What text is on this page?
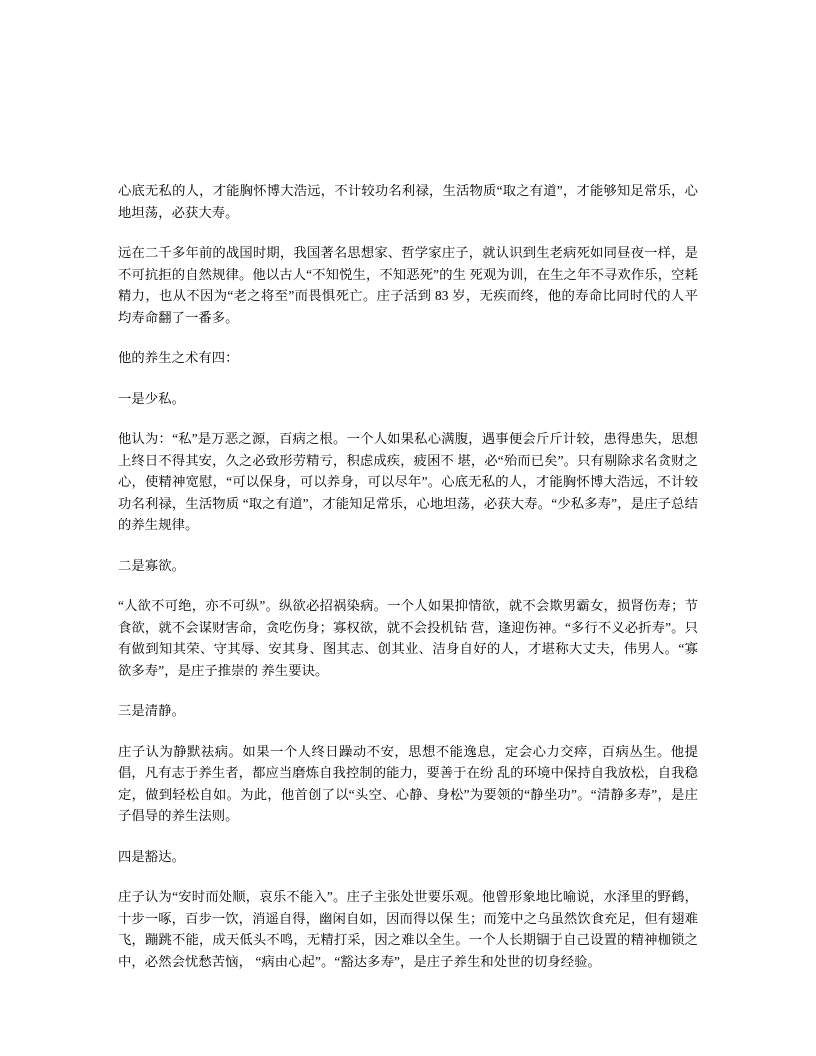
心底无私的人，才能胸怀博大浩远，不计较功名利禄，生活物质“取之有道”，才能够知足常乐，心地坦荡，必获大寿。

远在二千多年前的战国时期，我国著名思想家、哲学家庄子，就认识到生老病死如同昼夜一样，是不可抗拒的自然规律。他以古人“不知悦生，不知恶死”的生 死观为训，在生之年不寻欢作乐，空耗精力，也从不因为“老之将至”而畏惧死亡。庄子活到 83 岁，无疾而终，他的寿命比同时代的人平均寿命翻了一番多。

他的养生之术有四：

一是少私。

他认为：“私”是万恶之源，百病之根。一个人如果私心满腹，遇事便会斤斤计较，患得患失，思想上终日不得其安，久之必致形劳精亏，积虑成疾，疲困不 堪，必“殆而已矣”。只有剔除求名贪财之心，使精神宽慰，“可以保身，可以养身，可以尽年”。心底无私的人，才能胸怀博大浩远，不计较功名利禄，生活物质 “取之有道”，才能知足常乐，心地坦荡，必获大寿。“少私多寿”，是庄子总结的养生规律。

二是寡欲。

“人欲不可绝，亦不可纵”。纵欲必招祸染病。一个人如果抑情欲，就不会欺男霸女，损肾伤寿；节食欲，就不会谋财害命，贪吃伤身；寡权欲，就不会投机钻 营，逢迎伤神。“多行不义必折寿”。只有做到知其荣、守其辱、安其身、图其志、创其业、洁身自好的人，才堪称大丈夫，伟男人。“寡欲多寿”，是庄子推崇的 养生要诀。

三是清静。

庄子认为静默祛病。如果一个人终日躁动不安，思想不能逸息，定会心力交瘁，百病丛生。他提倡，凡有志于养生者，都应当磨炼自我控制的能力，要善于在纷 乱的环境中保持自我放松，自我稳定，做到轻松自如。为此，他首创了以“头空、心静、身松”为要领的“静坐功”。“清静多寿”，是庄子倡导的养生法则。

四是豁达。

庄子认为“安时而处顺，哀乐不能入”。庄子主张处世要乐观。他曾形象地比喻说，水泽里的野鹤，十步一啄，百步一饮，消遥自得，幽闲自如，因而得以保 生；而笼中之乌虽然饮食充足，但有翅难飞，蹦跳不能，成天低头不鸣，无精打采，因之难以全生。一个人长期锢于自己设置的精神枷锁之中，必然会忧愁苦恼， “病由心起”。“豁达多寿”，是庄子养生和处世的切身经验。
